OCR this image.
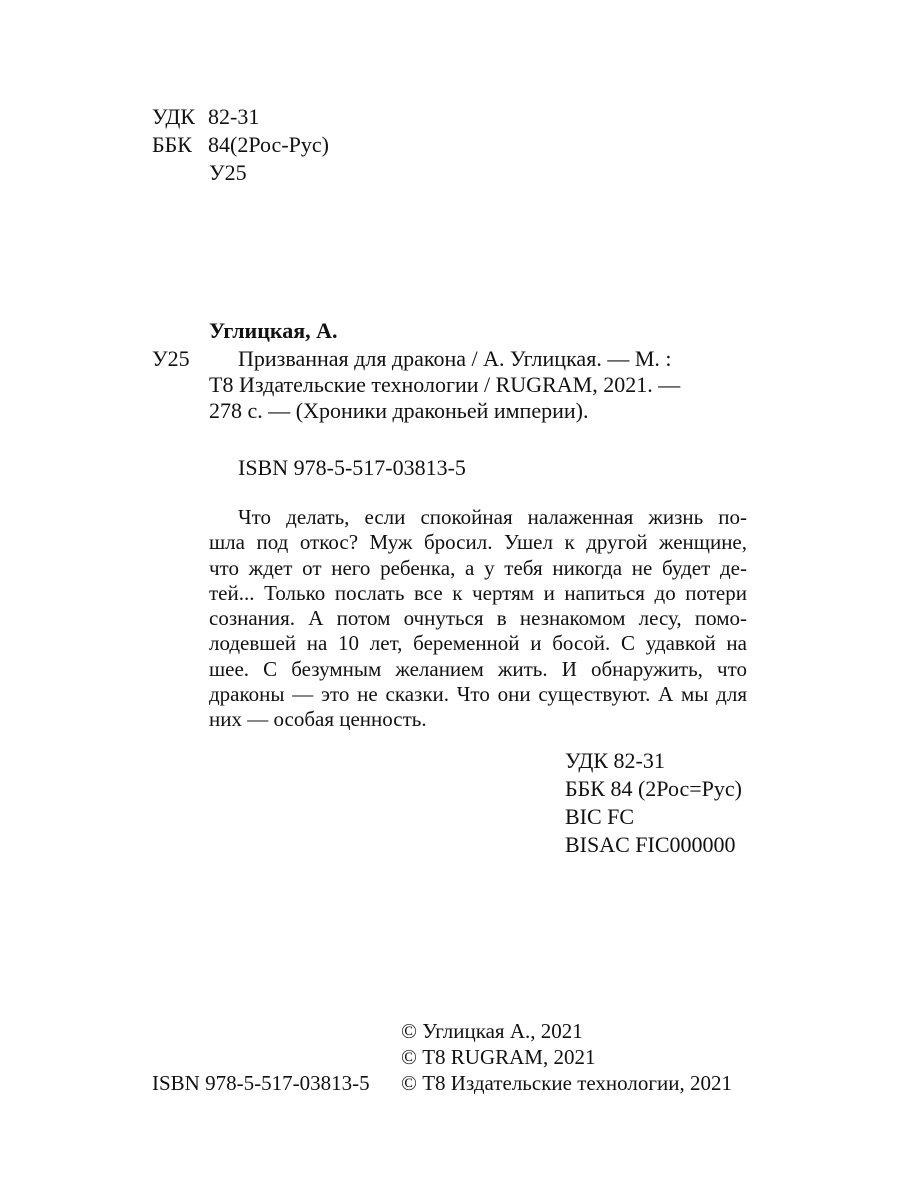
УДК 82-31
ББК 84(2Рос-Рус)
У25
Углицкая, А.
У25	Призванная для дракона / А. Углицкая. — М. :
Т8 Издательские технологии / RUGRAM, 2021. —
278 с. — (Хроники драконьей империи).
ISBN 978-5-517-03813-5
Что делать, если спокойная налаженная жизнь по-
шла под откос? Муж бросил. Ушел к другой женщине,
что ждет от него ребенка, а у тебя никогда не будет де-
тей... Только послать все к чертям и напиться до потери
сознания. А потом очнуться в незнакомом лесу, помо-
лодевшей на 10 лет, беременной и босой. С удавкой на
шее. С безумным желанием жить. И обнаружить, что
драконы — это не сказки. Что они существуют. А мы для
них — особая ценность.
УДК 82-31
ББК 84 (2Рос=Рус)
BIC FC
BISAC FIC000000
ISBN 978-5-517-03813-5
© Углицкая А., 2021
© Т8 RUGRAM, 2021
© Т8 Издательские технологии, 2021
